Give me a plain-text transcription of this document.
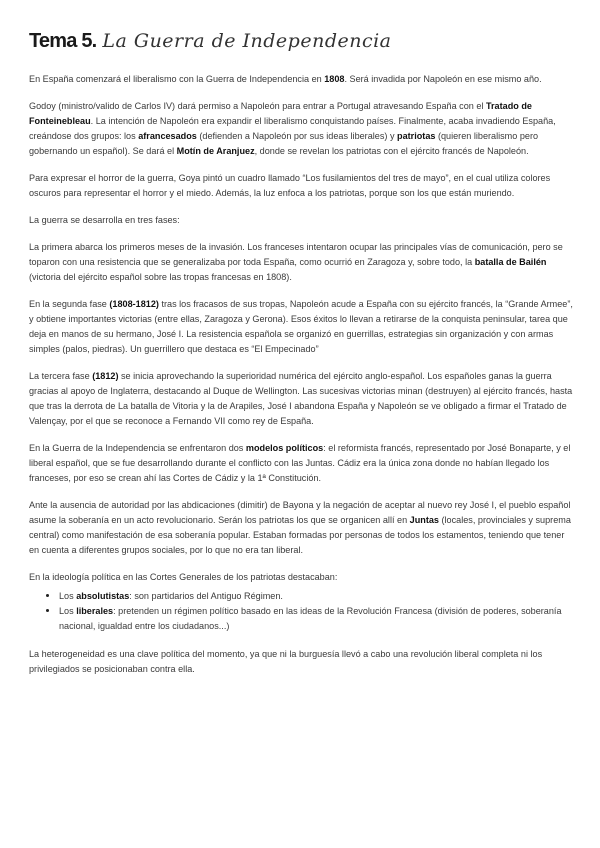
Tema 5. La Guerra de Independencia

En España comenzará el liberalismo con la Guerra de Independencia en 1808. Será invadida por Napoleón en ese mismo año.

Godoy (ministro/valido de Carlos IV) dará permiso a Napoleón para entrar a Portugal atravesando España con el Tratado de Fonteinebleau. La intención de Napoleón era expandir el liberalismo conquistando países. Finalmente, acaba invadiendo España, creándose dos grupos: los afrancesados (defienden a Napoleón por sus ideas liberales) y patriotas (quieren liberalismo pero gobernando un español). Se dará el Motín de Aranjuez, donde se revelan los patriotas con el ejército francés de Napoleón.

Para expresar el horror de la guerra, Goya pintó un cuadro llamado “Los fusilamientos del tres de mayo”, en el cual utiliza colores oscuros para representar el horror y el miedo. Además, la luz enfoca a los patriotas, porque son los que están muriendo.

La guerra se desarrolla en tres fases:

La primera abarca los primeros meses de la invasión. Los franceses intentaron ocupar las principales vías de comunicación, pero se toparon con una resistencia que se generalizaba por toda España, como ocurrió en Zaragoza y, sobre todo, la batalla de Bailén (victoria del ejército español sobre las tropas francesas en 1808).

En la segunda fase (1808-1812) tras los fracasos de sus tropas, Napoleón acude a España con su ejército francés, la “Grande Armee”, y obtiene importantes victorias (entre ellas, Zaragoza y Gerona). Esos éxitos lo llevan a retirarse de la conquista peninsular, tarea que deja en manos de su hermano, José I. La resistencia española se organizó en guerrillas, estrategias sin organización y con armas simples (palos, piedras). Un guerrillero que destaca es “El Empecinado”

La tercera fase (1812) se inicia aprovechando la superioridad numérica del ejército anglo-español. Los españoles ganas la guerra gracias al apoyo de Inglaterra, destacando al Duque de Wellington. Las sucesivas victorias minan (destruyen) al ejército francés, hasta que tras la derrota de La batalla de Vitoria y la de Arapiles, José I abandona España y Napoleón se ve obligado a firmar el Tratado de Valençay, por el que se reconoce a Fernando VII como rey de España.

En la Guerra de la Independencia se enfrentaron dos modelos políticos: el reformista francés, representado por José Bonaparte, y el liberal español, que se fue desarrollando durante el conflicto con las Juntas. Cádiz era la única zona donde no habían llegado los franceses, por eso se crean ahí las Cortes de Cádiz y la 1ª Constitución.

Ante la ausencia de autoridad por las abdicaciones (dimitir) de Bayona y la negación de aceptar al nuevo rey José I, el pueblo español asume la soberanía en un acto revolucionario. Serán los patriotas los que se organicen allí en Juntas (locales, provinciales y suprema central) como manifestación de esa soberanía popular. Estaban formadas por personas de todos los estamentos, teniendo que tener en cuenta a diferentes grupos sociales, por lo que no era tan liberal.

En la ideología política en las Cortes Generales de los patriotas destacaban:

• Los absolutistas: son partidarios del Antiguo Régimen.
• Los liberales: pretenden un régimen político basado en las ideas de la Revolución Francesa (división de poderes, soberanía nacional, igualdad entre los ciudadanos...)

La heterogeneidad es una clave política del momento, ya que ni la burguesía llevó a cabo una revolución liberal completa ni los privilegiados se posicionaban contra ella.
